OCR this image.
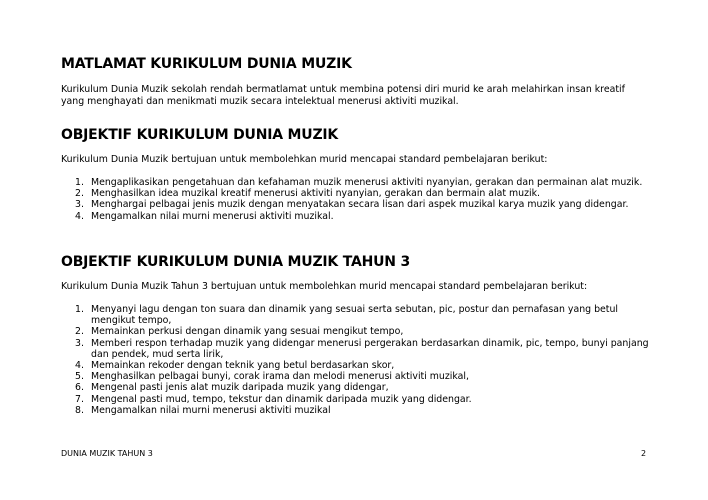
MATLAMAT KURIKULUM DUNIA MUZIK

Kurikulum Dunia Muzik sekolah rendah bermatlamat untuk membina potensi diri murid ke arah melahirkan insan kreatif yang menghayati dan menikmati muzik secara intelektual menerusi aktiviti muzikal.

OBJEKTIF KURIKULUM DUNIA MUZIK

Kurikulum Dunia Muzik bertujuan untuk membolehkan murid mencapai standard pembelajaran berikut:

1. Mengaplikasikan pengetahuan dan kefahaman muzik menerusi aktiviti nyanyian, gerakan dan permainan alat muzik.
2. Menghasilkan idea muzikal kreatif menerusi aktiviti nyanyian, gerakan dan bermain alat muzik.
3. Menghargai pelbagai jenis muzik dengan menyatakan secara lisan dari aspek muzikal karya muzik yang didengar.
4. Mengamalkan nilai murni menerusi aktiviti muzikal.
OBJEKTIF KURIKULUM DUNIA MUZIK TAHUN 3

Kurikulum Dunia Muzik Tahun 3 bertujuan untuk membolehkan murid mencapai standard pembelajaran berikut:

1. Menyanyi lagu dengan ton suara dan dinamik yang sesuai serta sebutan, pic, postur dan pernafasan yang betul mengikut tempo,
2. Memainkan perkusi dengan dinamik yang sesuai mengikut tempo,
3. Memberi respon terhadap muzik yang didengar menerusi pergerakan berdasarkan dinamik, pic, tempo, bunyi panjang dan pendek, mud serta lirik,
4. Memainkan rekoder dengan teknik yang betul berdasarkan skor,
5. Menghasilkan pelbagai bunyi, corak irama dan melodi menerusi aktiviti muzikal,
6. Mengenal pasti jenis alat muzik daripada muzik yang didengar,
7. Mengenal pasti mud, tempo, tekstur dan dinamik daripada muzik yang didengar.
8. Mengamalkan nilai murni menerusi aktiviti muzikal
DUNIA MUZIK TAHUN 3	2
